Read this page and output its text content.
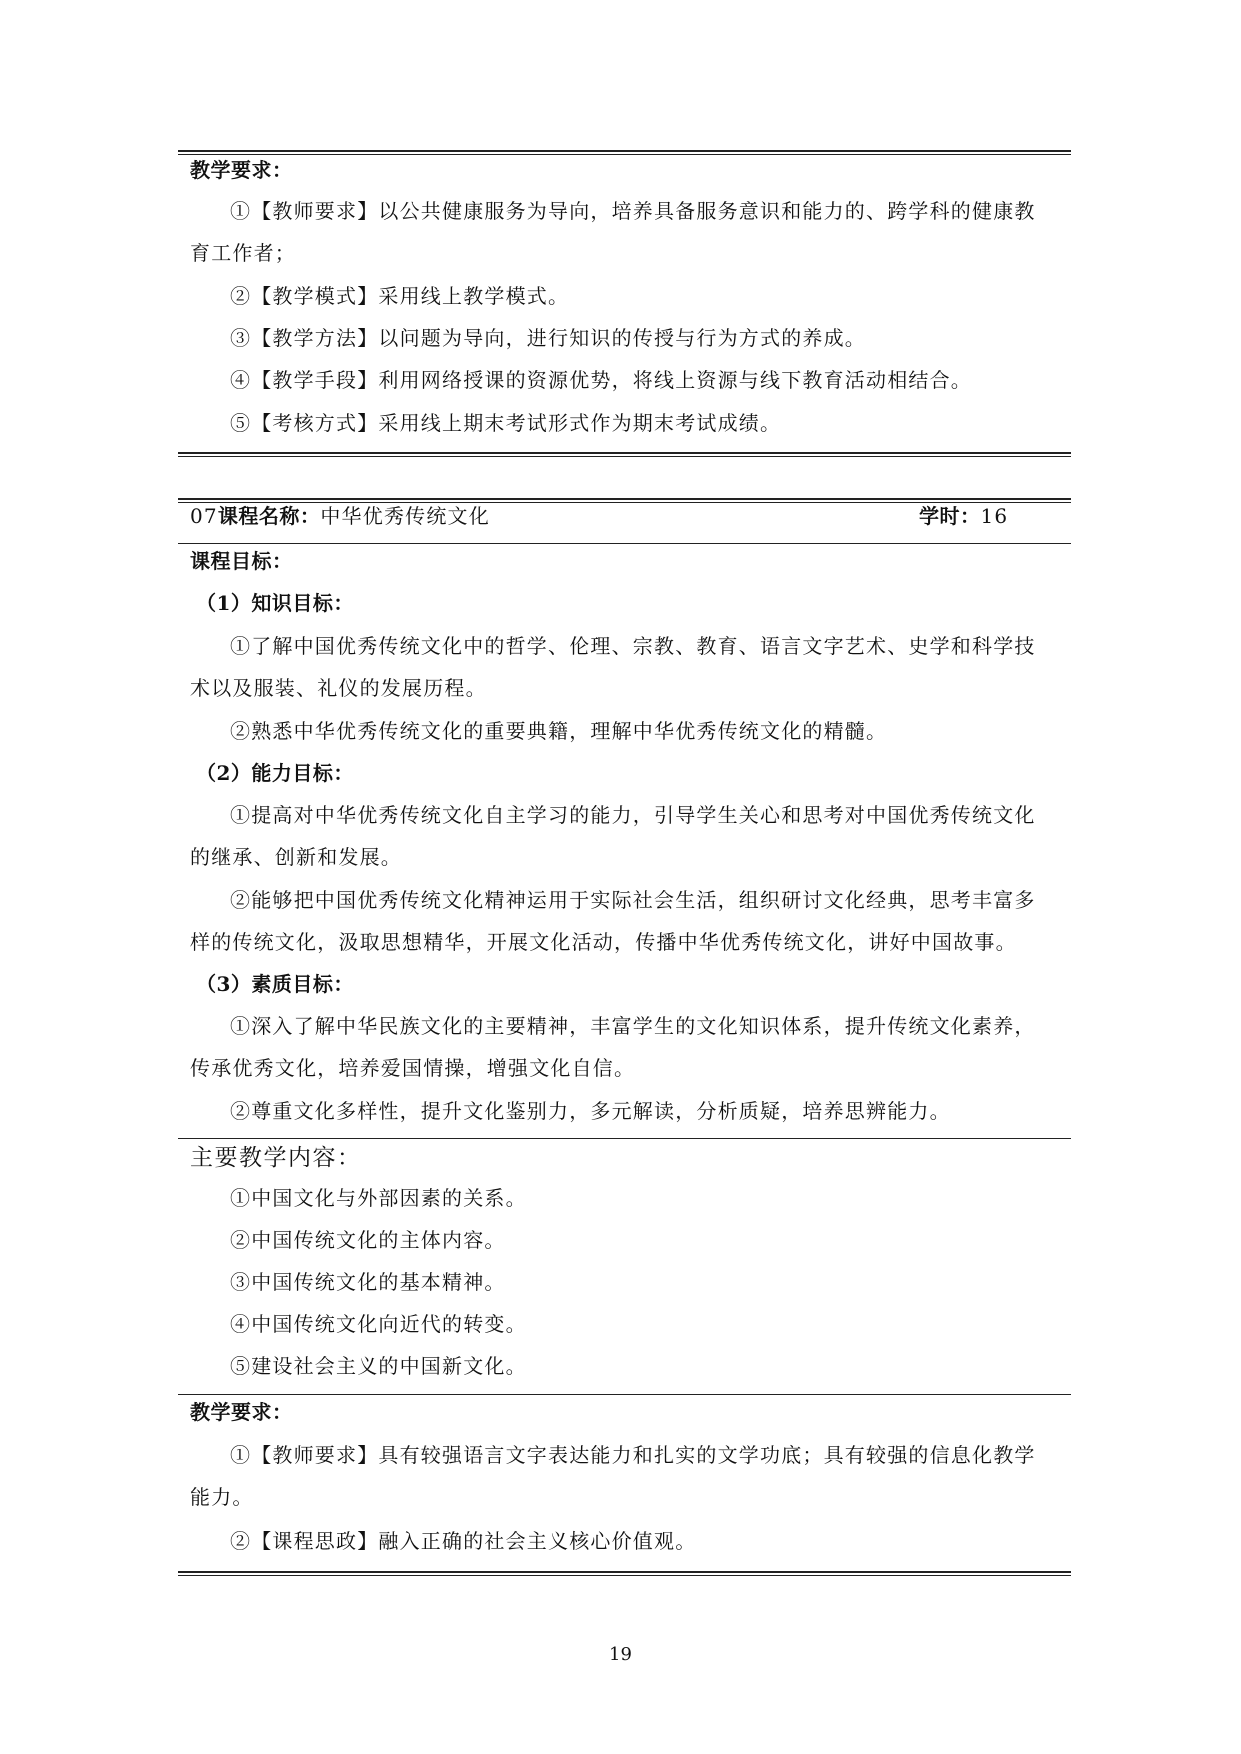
教学要求：
①【教师要求】以公共健康服务为导向，培养具备服务意识和能力的、跨学科的健康教
育工作者；
②【教学模式】采用线上教学模式。
③【教学方法】以问题为导向，进行知识的传授与行为方式的养成。
④【教学手段】利用网络授课的资源优势，将线上资源与线下教育活动相结合。
⑤【考核方式】采用线上期末考试形式作为期末考试成绩。
07课程名称：中华优秀传统文化	学时：16
课程目标：
（1）知识目标：
①了解中国优秀传统文化中的哲学、伦理、宗教、教育、语言文字艺术、史学和科学技
术以及服装、礼仪的发展历程。
②熟悉中华优秀传统文化的重要典籍，理解中华优秀传统文化的精髓。
（2）能力目标：
①提高对中华优秀传统文化自主学习的能力，引导学生关心和思考对中国优秀传统文化
的继承、创新和发展。
②能够把中国优秀传统文化精神运用于实际社会生活，组织研讨文化经典，思考丰富多
样的传统文化，汲取思想精华，开展文化活动，传播中华优秀传统文化，讲好中国故事。
（3）素质目标：
①深入了解中华民族文化的主要精神，丰富学生的文化知识体系，提升传统文化素养，
传承优秀文化，培养爱国情操，增强文化自信。
②尊重文化多样性，提升文化鉴别力，多元解读，分析质疑，培养思辨能力。
主要教学内容：
①中国文化与外部因素的关系。
②中国传统文化的主体内容。
③中国传统文化的基本精神。
④中国传统文化向近代的转变。
⑤建设社会主义的中国新文化。
教学要求：
①【教师要求】具有较强语言文字表达能力和扎实的文学功底；具有较强的信息化教学
能力。
②【课程思政】融入正确的社会主义核心价值观。
19
